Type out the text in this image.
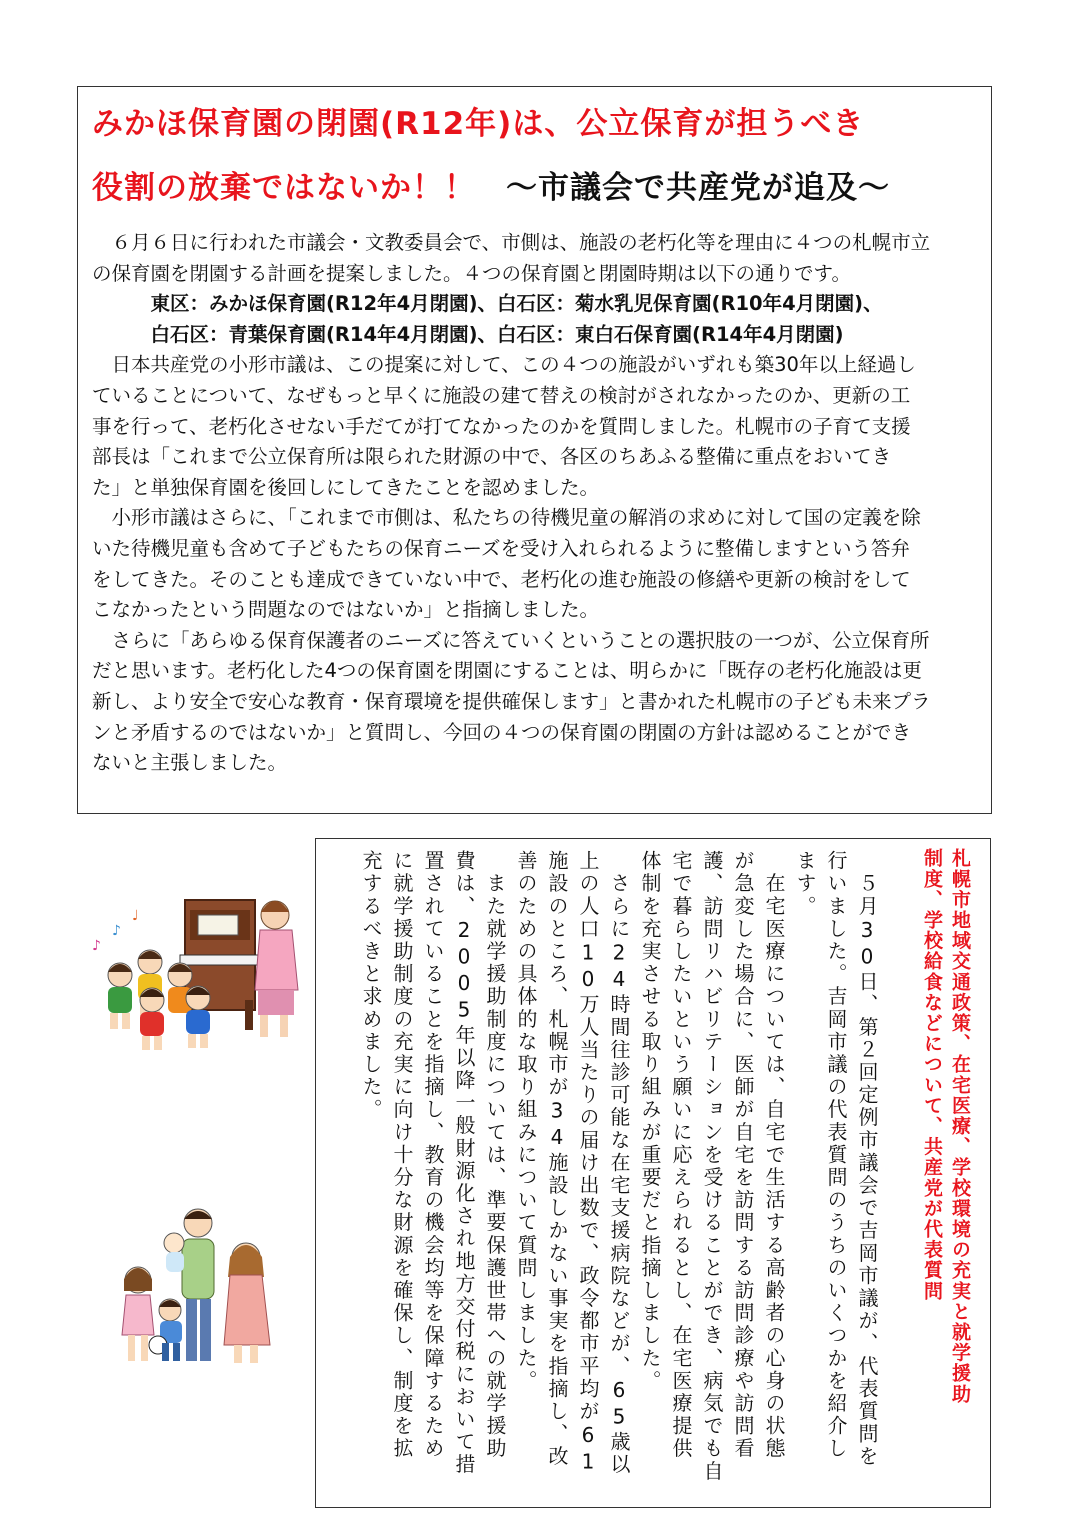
みかほ保育園の閉園(R12年)は、公立保育が担うべき
役割の放棄ではないか！！ ～市議会で共産党が追及～
　６月６日に行われた市議会・文教委員会で、市側は、施設の老朽化等を理由に４つの札幌市立
の保育園を閉園する計画を提案しました。４つの保育園と閉園時期は以下の通りです。
　　　東区：みかほ保育園(R12年4月閉園)、白石区：菊水乳児保育園(R10年4月閉園)、
　　　白石区：青葉保育園(R14年4月閉園)、白石区：東白石保育園(R14年4月閉園)
　日本共産党の小形市議は、この提案に対して、この４つの施設がいずれも築30年以上経過し
ていることについて、なぜもっと早くに施設の建て替えの検討がされなかったのか、更新の工
事を行って、老朽化させない手だてが打てなかったのかを質問しました。札幌市の子育て支援
部長は「これまで公立保育所は限られた財源の中で、各区のちあふる整備に重点をおいてき
た」と単独保育園を後回しにしてきたことを認めました。
　小形市議はさらに、「これまで市側は、私たちの待機児童の解消の求めに対して国の定義を除
いた待機児童も含めて子どもたちの保育ニーズを受け入れられるように整備しますという答弁
をしてきた。そのことも達成できていない中で、老朽化の進む施設の修繕や更新の検討をして
こなかったという問題なのではないか」と指摘しました。
　さらに「あらゆる保育保護者のニーズに答えていくということの選択肢の一つが、公立保育所
だと思います。老朽化した4つの保育園を閉園にすることは、明らかに「既存の老朽化施設は更
新し、より安全で安心な教育・保育環境を提供確保します」と書かれた札幌市の子ども未来プラ
ンと矛盾するのではないか」と質問し、今回の４つの保育園の閉園の方針は認めることができ
ないと主張しました。
札幌市地域交通政策、在宅医療、学校環境の充実と就学援助
制度、学校給食などについて、共産党が代表質問
　５月30日、第２回定例市議会で吉岡市議が、代表質問を
行いました。吉岡市議の代表質問のうちのいくつかを紹介し
ます。
　在宅医療については、自宅で生活する高齢者の心身の状態
が急変した場合に、医師が自宅を訪問する訪問診療や訪問看
護、訪問リハビリテーションを受けることができ、病気でも自
宅で暮らしたいという願いに応えられるとし、在宅医療提供
体制を充実させる取り組みが重要だと指摘しました。
　さらに24時間往診可能な在宅支援病院などが、65歳以
上の人口10万人当たりの届け出数で、政令都市平均が61
施設のところ、札幌市が34施設しかない事実を指摘し、改
善のための具体的な取り組みについて質問しました。
　また就学援助制度については、準要保護世帯への就学援助
費は、2005年以降一般財源化され地方交付税において措
置されていることを指摘し、教育の機会均等を保障するため
に就学援助制度の充実に向け十分な財源を確保し、制度を拡
充するべきと求めました。
♪
♪
♩
